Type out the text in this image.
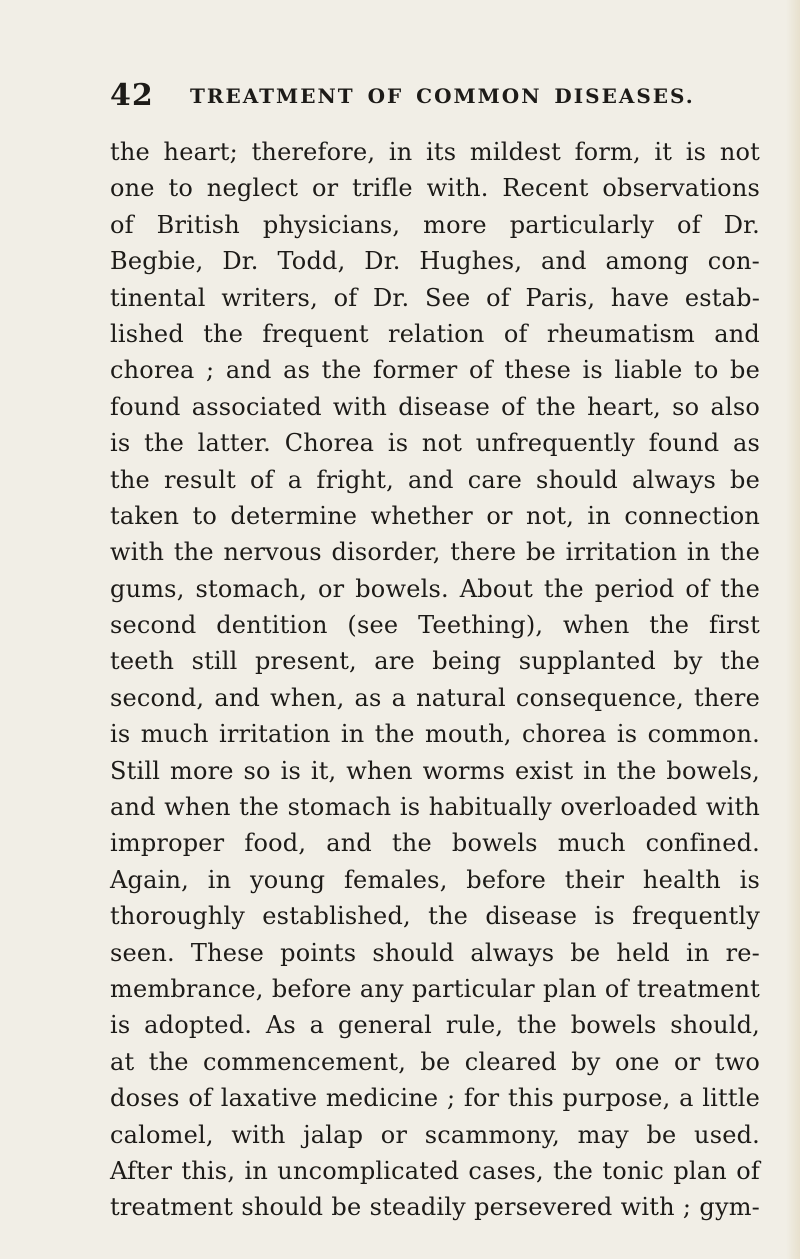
42 TREATMENT OF COMMON DISEASES.
the heart; therefore, in its mildest form, it is not
one to neglect or trifle with. Recent observations
of British physicians, more particularly of Dr.
Begbie, Dr. Todd, Dr. Hughes, and among con-
tinental writers, of Dr. See of Paris, have estab-
lished the frequent relation of rheumatism and
chorea ; and as the former of these is liable to be
found associated with disease of the heart, so also
is the latter. Chorea is not unfrequently found as
the result of a fright, and care should always be
taken to determine whether or not, in connection
with the nervous disorder, there be irritation in the
gums, stomach, or bowels. About the period of the
second dentition (see Teething), when the first
teeth still present, are being supplanted by the
second, and when, as a natural consequence, there
is much irritation in the mouth, chorea is common.
Still more so is it, when worms exist in the bowels,
and when the stomach is habitually overloaded with
improper food, and the bowels much confined.
Again, in young females, before their health is
thoroughly established, the disease is frequently
seen. These points should always be held in re-
membrance, before any particular plan of treatment
is adopted. As a general rule, the bowels should,
at the commencement, be cleared by one or two
doses of laxative medicine ; for this purpose, a little
calomel, with jalap or scammony, may be used.
After this, in uncomplicated cases, the tonic plan of
treatment should be steadily persevered with ; gym-
